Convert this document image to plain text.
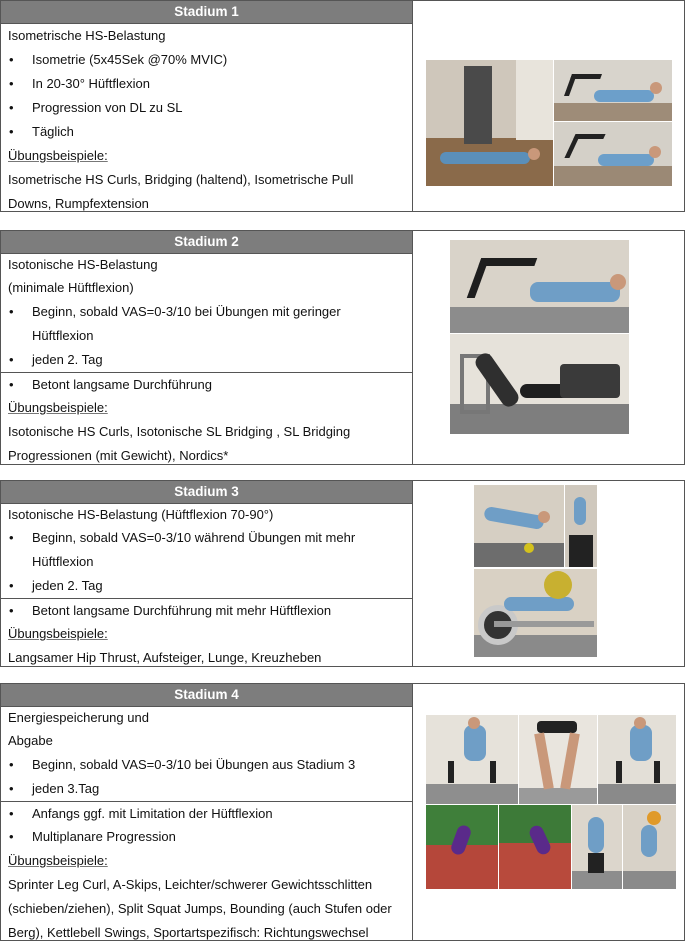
Stadium 1
Isometrische HS-Belastung
• Isometrie (5x45Sek @70% MVIC)
• In 20-30° Hüftflexion
• Progression von DL zu SL
• Täglich
Übungsbeispiele:
Isometrische HS Curls, Bridging (haltend), Isometrische Pull
Downs, Rumpfextension
Stadium 2
Isotonische HS-Belastung
(minimale Hüftflexion)
• Beginn, sobald VAS=0-3/10 bei Übungen mit geringer
Hüftflexion
• jeden 2. Tag
• Betont langsame Durchführung
Übungsbeispiele:
Isotonische HS Curls, Isotonische SL Bridging , SL Bridging
Progressionen (mit Gewicht), Nordics*
Stadium 3
Isotonische HS-Belastung (Hüftflexion 70-90°)
• Beginn, sobald VAS=0-3/10 während Übungen mit mehr
Hüftflexion
• jeden 2. Tag
• Betont langsame Durchführung mit mehr Hüftflexion
Übungsbeispiele:
Langsamer Hip Thrust, Aufsteiger, Lunge, Kreuzheben
Stadium 4
Energiespeicherung und
Abgabe
• Beginn, sobald VAS=0-3/10 bei Übungen aus Stadium 3
• jeden 3.Tag
• Anfangs ggf. mit Limitation der Hüftflexion
• Multiplanare Progression
Übungsbeispiele:
Sprinter Leg Curl, A-Skips, Leichter/schwerer Gewichtsschlitten
(schieben/ziehen), Split Squat Jumps, Bounding (auch Stufen oder
Berg), Kettlebell Swings, Sportartspezifisch: Richtungswechsel
